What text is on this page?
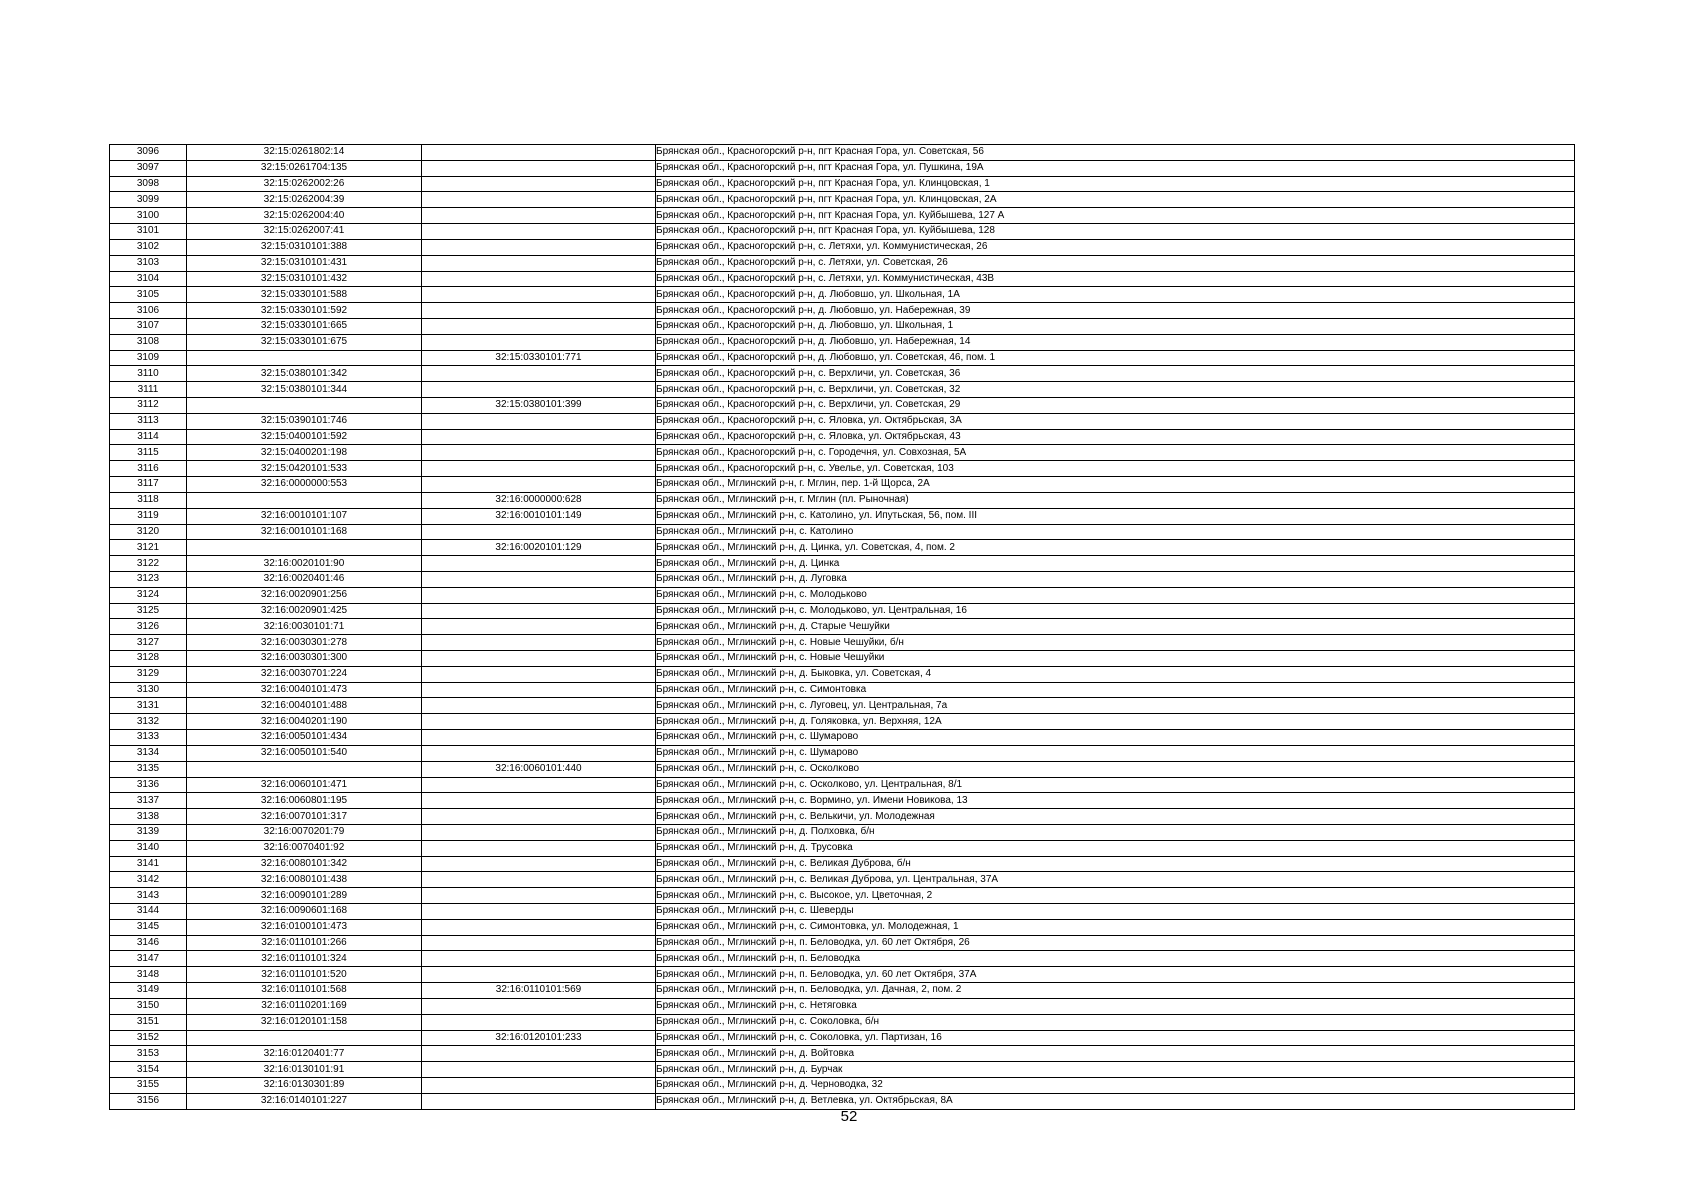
3096	32:15:0261802:14		Брянская обл., Красногорский р-н, пгт Красная Гора, ул. Советская, 56
3097	32:15:0261704:135		Брянская обл., Красногорский р-н, пгт Красная Гора, ул. Пушкина, 19А
3098	32:15:0262002:26		Брянская обл., Красногорский р-н, пгт Красная Гора, ул. Клинцовская, 1
3099	32:15:0262004:39		Брянская обл., Красногорский р-н, пгт Красная Гора, ул. Клинцовская, 2А
3100	32:15:0262004:40		Брянская обл., Красногорский р-н, пгт Красная Гора, ул. Куйбышева, 127 А
3101	32:15:0262007:41		Брянская обл., Красногорский р-н, пгт Красная Гора, ул. Куйбышева, 128
3102	32:15:0310101:388		Брянская обл., Красногорский р-н, с. Летяхи, ул. Коммунистическая, 26
3103	32:15:0310101:431		Брянская обл., Красногорский р-н, с. Летяхи, ул. Советская, 26
3104	32:15:0310101:432		Брянская обл., Красногорский р-н, с. Летяхи, ул. Коммунистическая, 43В
3105	32:15:0330101:588		Брянская обл., Красногорский р-н, д. Любовшо, ул. Школьная, 1А
3106	32:15:0330101:592		Брянская обл., Красногорский р-н, д. Любовшо, ул. Набережная, 39
3107	32:15:0330101:665		Брянская обл., Красногорский р-н, д. Любовшо, ул. Школьная, 1
3108	32:15:0330101:675		Брянская обл., Красногорский р-н, д. Любовшо, ул. Набережная, 14
3109		32:15:0330101:771	Брянская обл., Красногорский р-н, д. Любовшо, ул. Советская, 46, пом. 1
3110	32:15:0380101:342		Брянская обл., Красногорский р-н, с. Верхличи, ул. Советская, 36
3111	32:15:0380101:344		Брянская обл., Красногорский р-н, с. Верхличи, ул. Советская, 32
3112		32:15:0380101:399	Брянская обл., Красногорский р-н, с. Верхличи, ул. Советская, 29
3113	32:15:0390101:746		Брянская обл., Красногорский р-н, с. Яловка, ул. Октябрьская, 3А
3114	32:15:0400101:592		Брянская обл., Красногорский р-н, с. Яловка, ул. Октябрьская, 43
3115	32:15:0400201:198		Брянская обл., Красногорский р-н, с. Городечня, ул. Совхозная, 5А
3116	32:15:0420101:533		Брянская обл., Красногорский р-н, с. Увелье, ул. Советская, 103
3117	32:16:0000000:553		Брянская обл., Мглинский р-н, г. Мглин, пер. 1-й Щорса, 2А
3118		32:16:0000000:628	Брянская обл., Мглинский р-н, г. Мглин (пл. Рыночная)
3119	32:16:0010101:107	32:16:0010101:149	Брянская обл., Мглинский р-н, с. Католино, ул. Ипутьская, 56, пом. III
3120	32:16:0010101:168		Брянская обл., Мглинский р-н, с. Католино
3121		32:16:0020101:129	Брянская обл., Мглинский р-н, д. Цинка, ул. Советская, 4, пом. 2
3122	32:16:0020101:90		Брянская обл., Мглинский р-н, д. Цинка
3123	32:16:0020401:46		Брянская обл., Мглинский р-н, д. Луговка
3124	32:16:0020901:256		Брянская обл., Мглинский р-н, с. Молодьково
3125	32:16:0020901:425		Брянская обл., Мглинский р-н, с. Молодьково, ул. Центральная, 16
3126	32:16:0030101:71		Брянская обл., Мглинский р-н, д. Старые Чешуйки
3127	32:16:0030301:278		Брянская обл., Мглинский р-н, с. Новые Чешуйки, б/н
3128	32:16:0030301:300		Брянская обл., Мглинский р-н, с. Новые Чешуйки
3129	32:16:0030701:224		Брянская обл., Мглинский р-н, д. Быковка, ул. Советская, 4
3130	32:16:0040101:473		Брянская обл., Мглинский р-н, с. Симонтовка
3131	32:16:0040101:488		Брянская обл., Мглинский р-н, с. Луговец, ул. Центральная, 7а
3132	32:16:0040201:190		Брянская обл., Мглинский р-н, д. Голяковка, ул. Верхняя, 12А
3133	32:16:0050101:434		Брянская обл., Мглинский р-н, с. Шумарово
3134	32:16:0050101:540		Брянская обл., Мглинский р-н, с. Шумарово
3135		32:16:0060101:440	Брянская обл., Мглинский р-н, с. Осколково
3136	32:16:0060101:471		Брянская обл., Мглинский р-н, с. Осколково, ул. Центральная, 8/1
3137	32:16:0060801:195		Брянская обл., Мглинский р-н, с. Вормино, ул. Имени Новикова, 13
3138	32:16:0070101:317		Брянская обл., Мглинский р-н, с. Велькичи, ул. Молодежная
3139	32:16:0070201:79		Брянская обл., Мглинский р-н, д. Полховка, б/н
3140	32:16:0070401:92		Брянская обл., Мглинский р-н, д. Трусовка
3141	32:16:0080101:342		Брянская обл., Мглинский р-н, с. Великая Дуброва, б/н
3142	32:16:0080101:438		Брянская обл., Мглинский р-н, с. Великая Дуброва, ул. Центральная, 37А
3143	32:16:0090101:289		Брянская обл., Мглинский р-н, с. Высокое, ул. Цветочная, 2
3144	32:16:0090601:168		Брянская обл., Мглинский р-н, с. Шеверды
3145	32:16:0100101:473		Брянская обл., Мглинский р-н, с. Симонтовка, ул. Молодежная, 1
3146	32:16:0110101:266		Брянская обл., Мглинский р-н, п. Беловодка, ул. 60 лет Октября, 26
3147	32:16:0110101:324		Брянская обл., Мглинский р-н, п. Беловодка
3148	32:16:0110101:520		Брянская обл., Мглинский р-н, п. Беловодка, ул. 60 лет Октября, 37А
3149	32:16:0110101:568	32:16:0110101:569	Брянская обл., Мглинский р-н, п. Беловодка, ул. Дачная, 2, пом. 2
3150	32:16:0110201:169		Брянская обл., Мглинский р-н, с. Нетяговка
3151	32:16:0120101:158		Брянская обл., Мглинский р-н, с. Соколовка, б/н
3152		32:16:0120101:233	Брянская обл., Мглинский р-н, с. Соколовка, ул. Партизан, 16
3153	32:16:0120401:77		Брянская обл., Мглинский р-н, д. Войтовка
3154	32:16:0130101:91		Брянская обл., Мглинский р-н, д. Бурчак
3155	32:16:0130301:89		Брянская обл., Мглинский р-н, д. Черноводка, 32
3156	32:16:0140101:227		Брянская обл., Мглинский р-н, д. Ветлевка, ул. Октябрьская, 8А
52
